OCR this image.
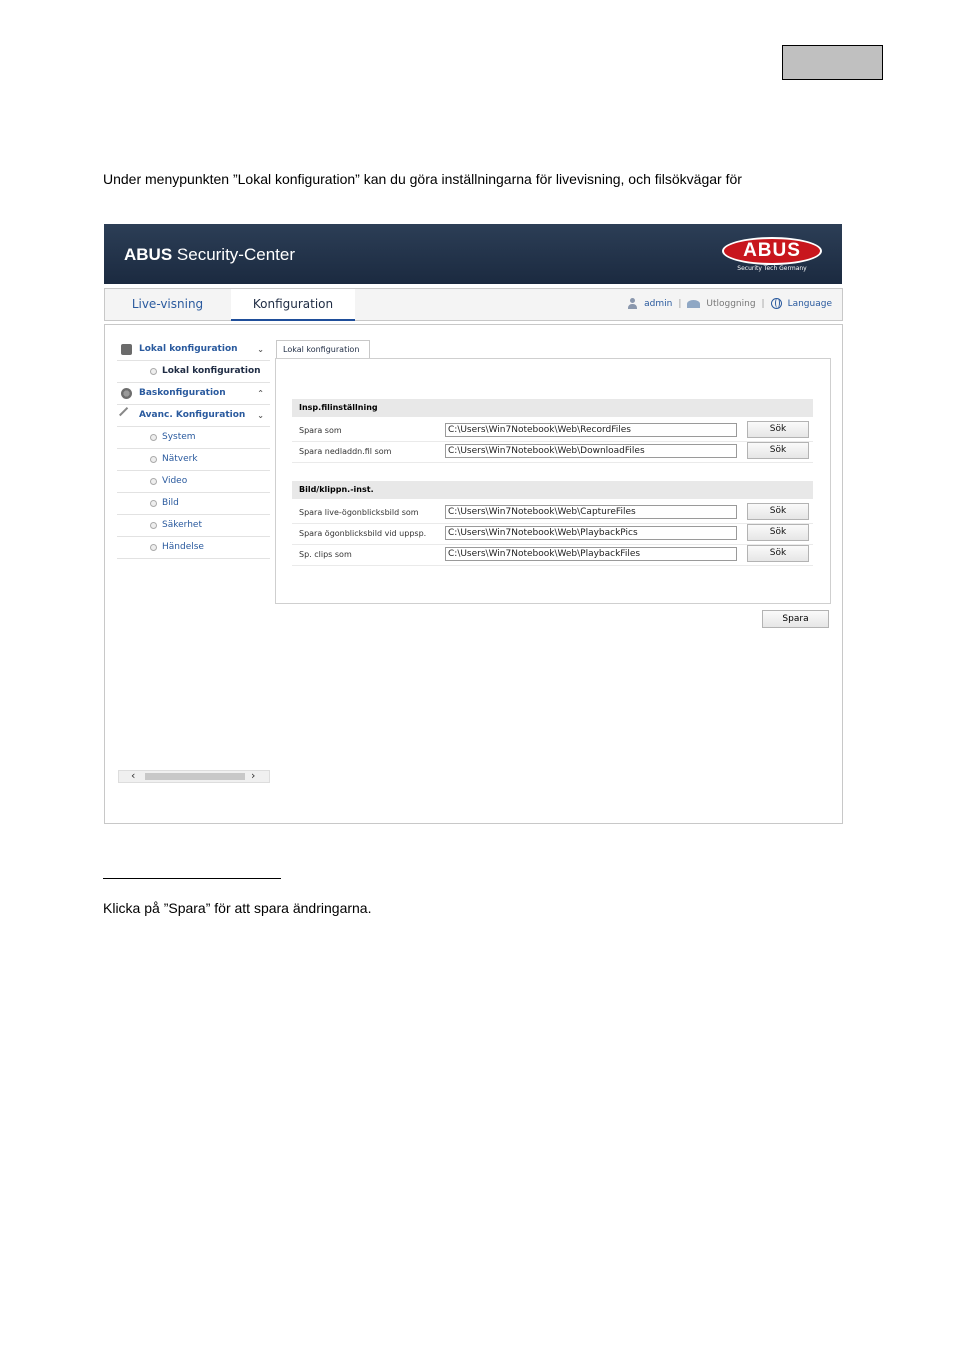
Under menypunkten ”Lokal konfiguration” kan du göra inställningarna för livevisning, och filsökvägar för
ABUS Security-Center	ABUS
Security Tech Germany
Live-visning	Konfiguration	admin |	Utloggning |	Language
Lokal konfiguration ⌄
Lokal konfiguration
Baskonfiguration	⌃
Avanc. Konfiguration ⌄
System
Nätverk
Video
Bild
Säkerhet
Händelse
‹	›
Lokal konfiguration
Insp.filinställning
Spara som	C:\Users\Win7Notebook\Web\RecordFiles	Sök
Spara nedladdn.fil som	C:\Users\Win7Notebook\Web\DownloadFiles	Sök
Bild/klippn.-inst.
Spara live-ögonblicksbild som	C:\Users\Win7Notebook\Web\CaptureFiles	Sök
Spara ögonblicksbild vid uppsp.	C:\Users\Win7Notebook\Web\PlaybackPics	Sök
Sp. clips som	C:\Users\Win7Notebook\Web\PlaybackFiles	Sök
Spara
Klicka på ”Spara” för att spara ändringarna.
